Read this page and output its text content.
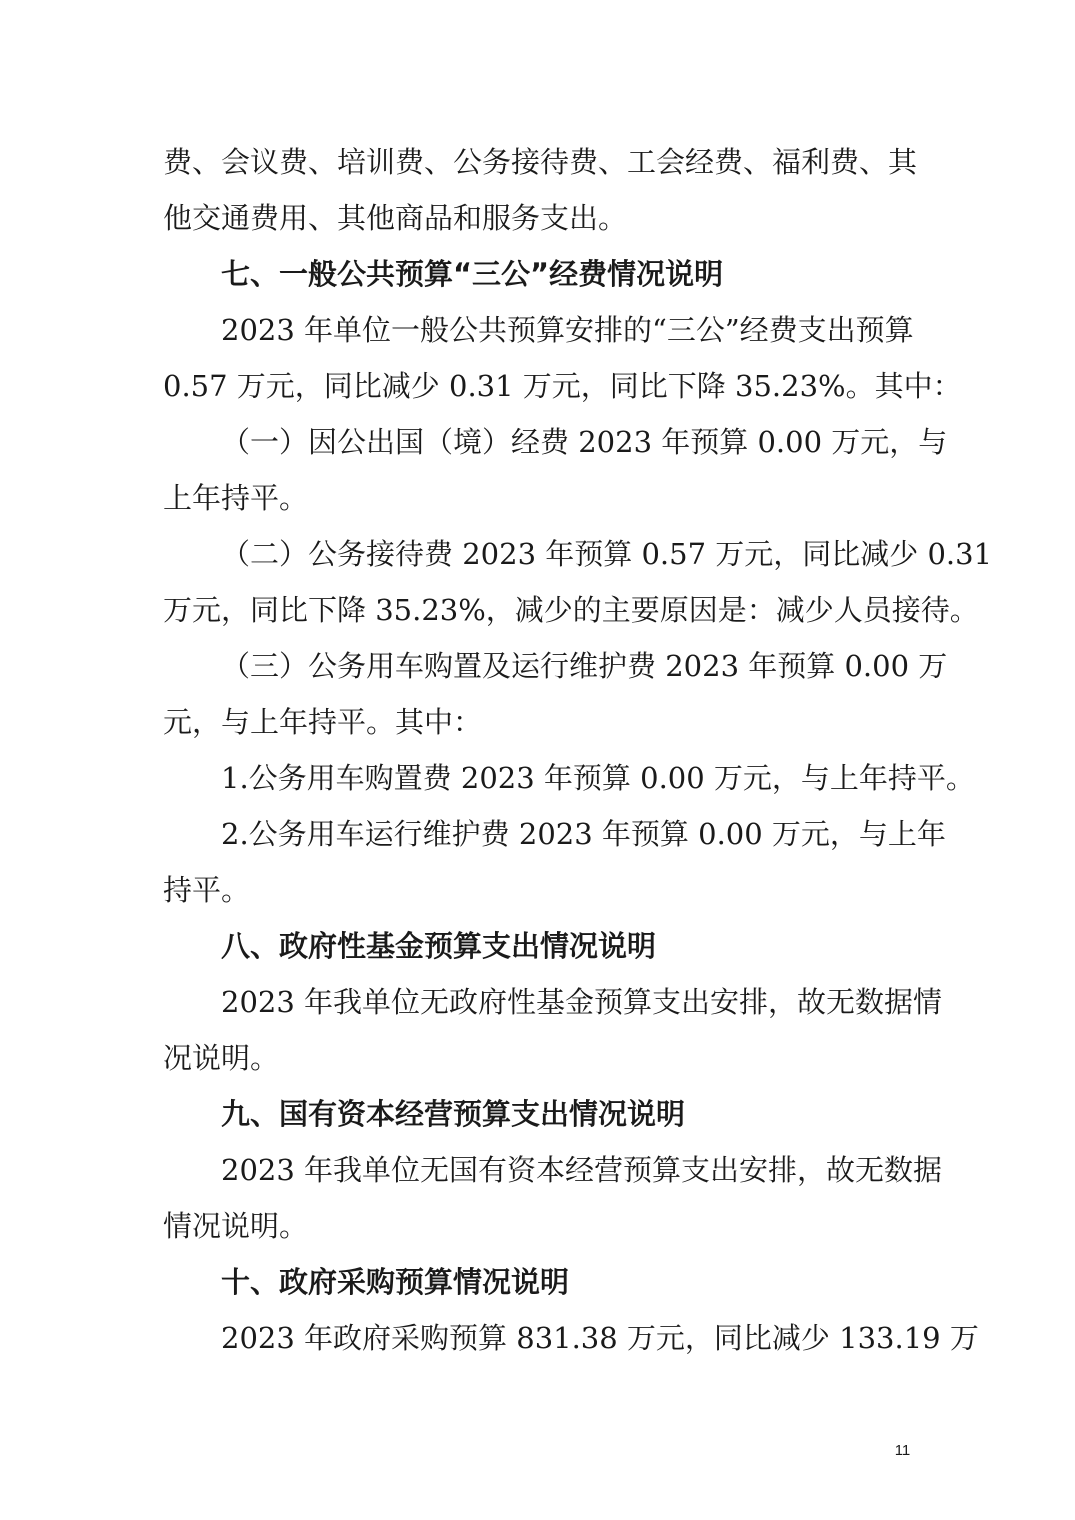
费、会议费、培训费、公务接待费、工会经费、福利费、其
他交通费用、其他商品和服务支出。
七、一般公共预算“三公”经费情况说明
2023 年单位一般公共预算安排的“三公”经费支出预算
0.57 万元，同比减少 0.31 万元，同比下降 35.23%。其中：
（一）因公出国（境）经费 2023 年预算 0.00 万元，与
上年持平。
（二）公务接待费 2023 年预算 0.57 万元，同比减少 0.31
万元，同比下降 35.23%，减少的主要原因是：减少人员接待。
（三）公务用车购置及运行维护费 2023 年预算 0.00 万
元，与上年持平。其中：
1.公务用车购置费 2023 年预算 0.00 万元，与上年持平。
2.公务用车运行维护费 2023 年预算 0.00 万元，与上年
持平。
八、政府性基金预算支出情况说明
2023 年我单位无政府性基金预算支出安排，故无数据情
况说明。
九、国有资本经营预算支出情况说明
2023 年我单位无国有资本经营预算支出安排，故无数据
情况说明。
十、政府采购预算情况说明
2023 年政府采购预算 831.38 万元，同比减少 133.19 万
11
